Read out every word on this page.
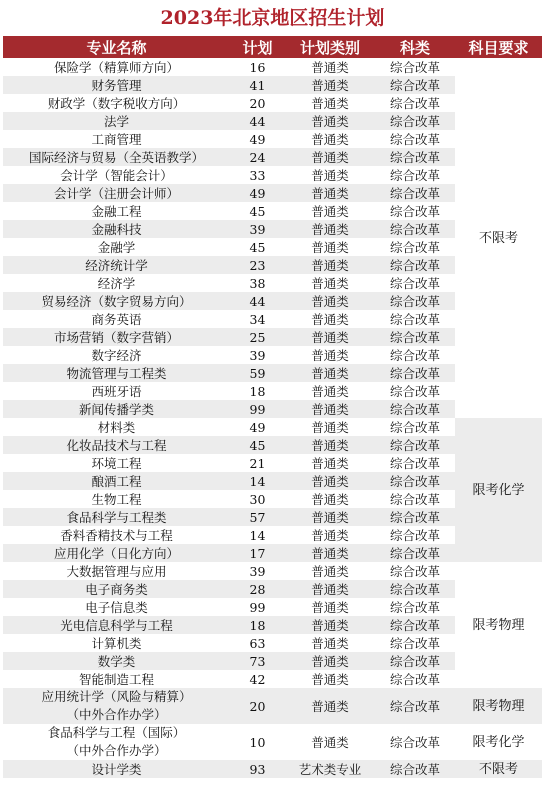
2023年北京地区招生计划
专业名称	计划	计划类别	科类	科目要求
保险学（精算师方向）	16	普通类	综合改革	不限考
财务管理	41	普通类	综合改革	
财政学（数字税收方向）	20	普通类	综合改革	
法学	44	普通类	综合改革	
工商管理	49	普通类	综合改革	
国际经济与贸易（全英语教学）	24	普通类	综合改革	
会计学（智能会计）	33	普通类	综合改革	
会计学（注册会计师）	49	普通类	综合改革	
金融工程	45	普通类	综合改革	
金融科技	39	普通类	综合改革	
金融学	45	普通类	综合改革	
经济统计学	23	普通类	综合改革	
经济学	38	普通类	综合改革	
贸易经济（数字贸易方向）	44	普通类	综合改革	
商务英语	34	普通类	综合改革	
市场营销（数字营销）	25	普通类	综合改革	
数字经济	39	普通类	综合改革	
物流管理与工程类	59	普通类	综合改革	
西班牙语	18	普通类	综合改革	
新闻传播学类	99	普通类	综合改革	
材料类	49	普通类	综合改革	限考化学
化妆品技术与工程	45	普通类	综合改革	
环境工程	21	普通类	综合改革	
酿酒工程	14	普通类	综合改革	
生物工程	30	普通类	综合改革	
食品科学与工程类	57	普通类	综合改革	
香料香精技术与工程	14	普通类	综合改革	
应用化学（日化方向）	17	普通类	综合改革	
大数据管理与应用	39	普通类	综合改革	限考物理
电子商务类	28	普通类	综合改革	
电子信息类	99	普通类	综合改革	
光电信息科学与工程	18	普通类	综合改革	
计算机类	63	普通类	综合改革	
数学类	73	普通类	综合改革	
智能制造工程	42	普通类	综合改革	

应用统计学（风险与精算）
（中外合作办学）	20	普通类	综合改革	限考物理

食品科学与工程（国际）
（中外合作办学）	10	普通类	综合改革	限考化学
设计学类	93	艺术类专业	综合改革	不限考
